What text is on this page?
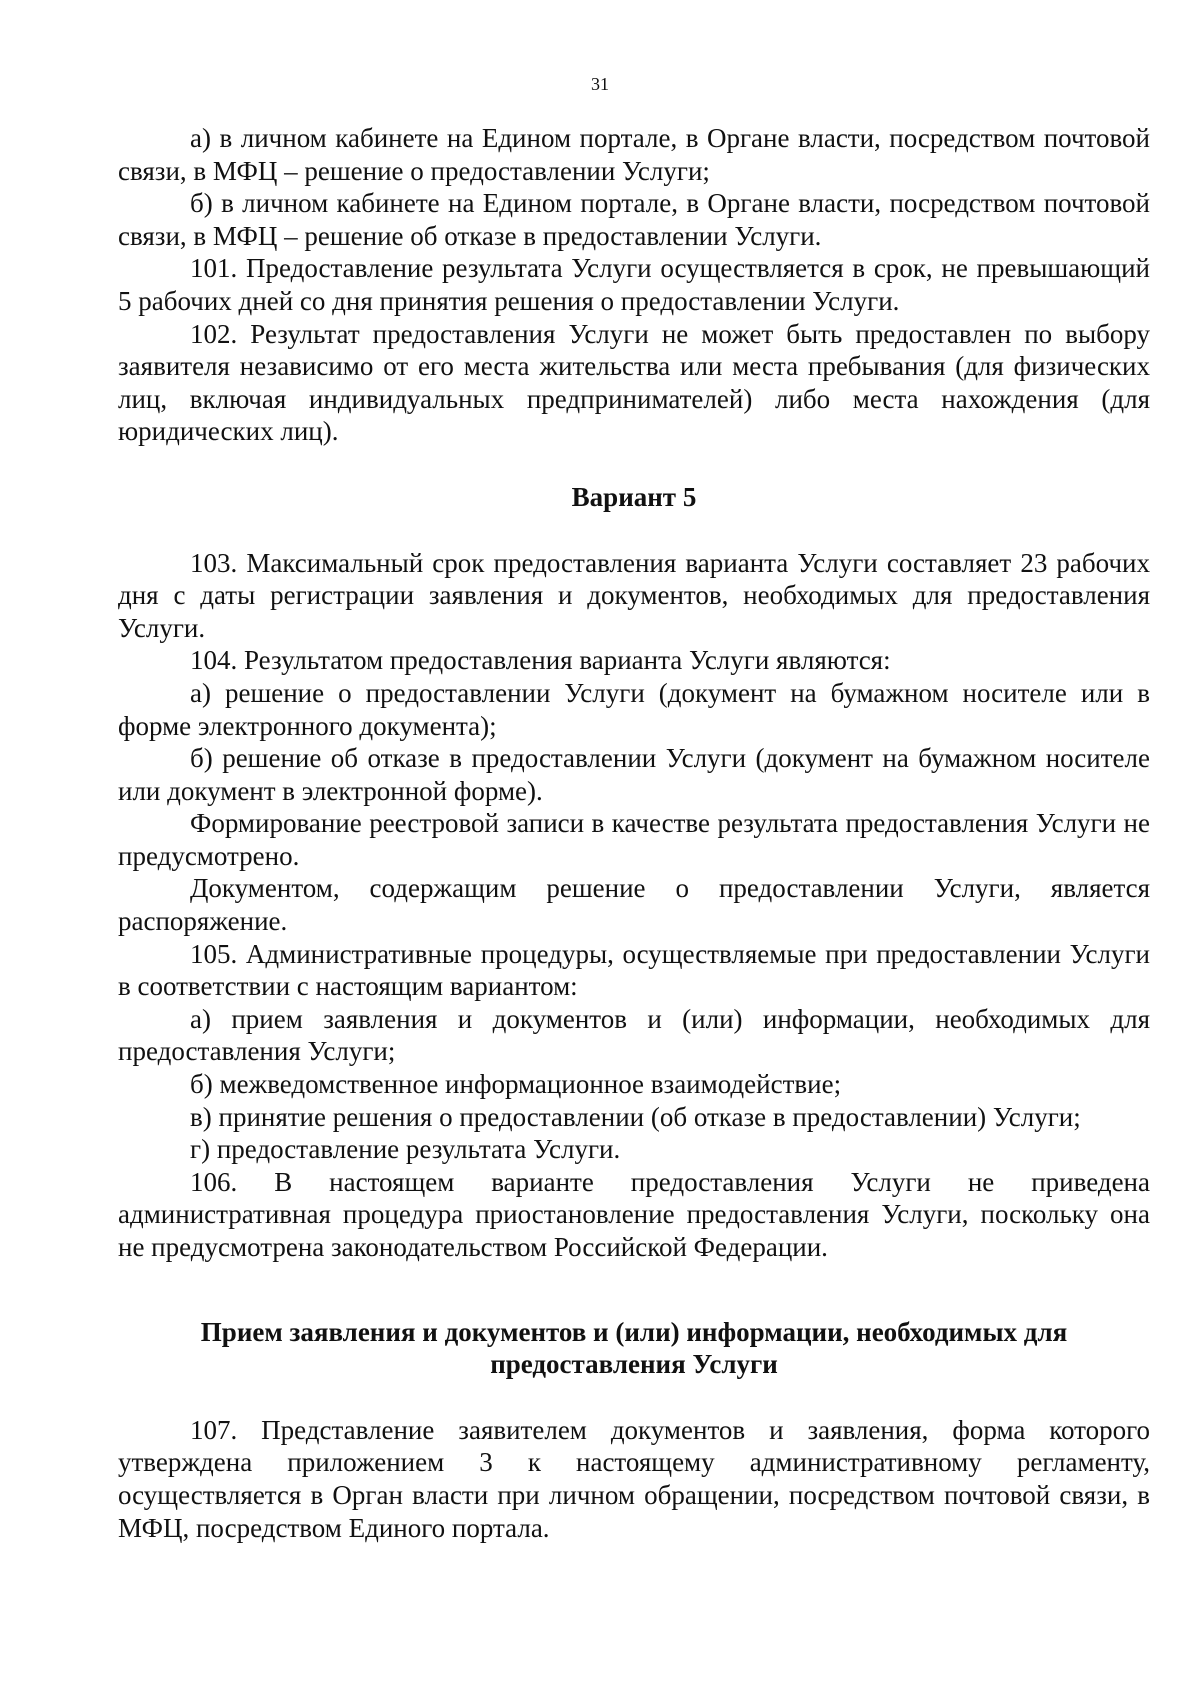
31

а) в личном кабинете на Едином портале, в Органе власти, посредством почтовой связи, в МФЦ – решение о предоставлении Услуги;

б) в личном кабинете на Едином портале, в Органе власти, посредством почтовой связи, в МФЦ – решение об отказе в предоставлении Услуги.

101. Предоставление результата Услуги осуществляется в срок, не превышающий 5 рабочих дней со дня принятия решения о предоставлении Услуги.

102. Результат предоставления Услуги не может быть предоставлен по выбору заявителя независимо от его места жительства или места пребывания (для физических лиц, включая индивидуальных предпринимателей) либо места нахождения (для юридических лиц).

Вариант 5

103. Максимальный срок предоставления варианта Услуги составляет 23 рабочих дня с даты регистрации заявления и документов, необходимых для предоставления Услуги.

104. Результатом предоставления варианта Услуги являются:

а) решение о предоставлении Услуги (документ на бумажном носителе или в форме электронного документа);

б) решение об отказе в предоставлении Услуги (документ на бумажном носителе или документ в электронной форме).

Формирование реестровой записи в качестве результата предоставления Услуги не предусмотрено.

Документом, содержащим решение о предоставлении Услуги, является распоряжение.

105. Административные процедуры, осуществляемые при предоставлении Услуги в соответствии с настоящим вариантом:

а) прием заявления и документов и (или) информации, необходимых для предоставления Услуги;

б) межведомственное информационное взаимодействие;

в) принятие решения о предоставлении (об отказе в предоставлении) Услуги;

г) предоставление результата Услуги.

106. В настоящем варианте предоставления Услуги не приведена административная процедура приостановление предоставления Услуги, поскольку она не предусмотрена законодательством Российской Федерации.

Прием заявления и документов и (или) информации, необходимых для предоставления Услуги

107. Представление заявителем документов и заявления, форма которого утверждена приложением 3 к настоящему административному регламенту, осуществляется в Орган власти при личном обращении, посредством почтовой связи, в МФЦ, посредством Единого портала.
